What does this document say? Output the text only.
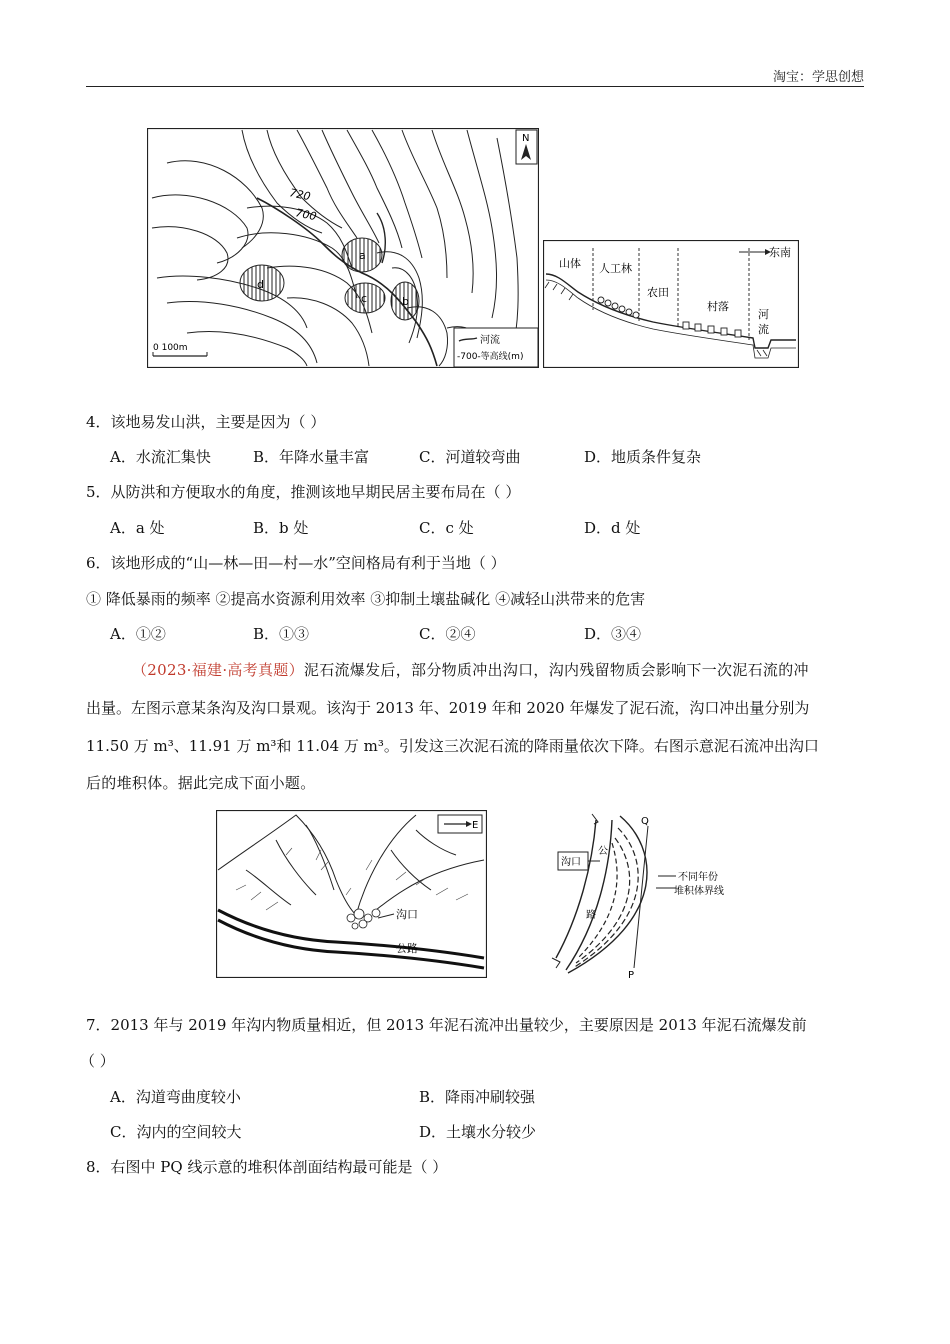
淘宝：学思创想
a
d
c	b
720
700
N
0 100m
河流
-700-等高线(m)
东南
山体 人工林
农田
村落
河
流
4．该地易发山洪，主要是因为（ ）
A．水流汇集快	B．年降水量丰富	C．河道较弯曲	D．地质条件复杂
5．从防洪和方便取水的角度，推测该地早期民居主要布局在（ ）
A．a 处	B．b 处	C．c 处	D．d 处
6．该地形成的“山—林—田—村—水”空间格局有利于当地（ ）
① 降低暴雨的频率 ②提高水资源利用效率 ③抑制土壤盐碱化 ④减轻山洪带来的危害
A．①②	B．①③	C．②④	D．③④
（2023·福建·高考真题）泥石流爆发后，部分物质冲出沟口，沟内残留物质会影响下一次泥石流的冲
出量。左图示意某条沟及沟口景观。该沟于 2013 年、2019 年和 2020 年爆发了泥石流，沟口冲出量分别为
11.50 万 m³、11.91 万 m³和 11.04 万 m³。引发这三次泥石流的降雨量依次下降。右图示意泥石流冲出沟口
后的堆积体。据此完成下面小题。
沟口
公路
E	Q
P
沟口
公
路
不同年份
堆积体界线
7．2013 年与 2019 年沟内物质量相近，但 2013 年泥石流冲出量较少，主要原因是 2013 年泥石流爆发前
（ ）
A．沟道弯曲度较小	B．降雨冲刷较强
C．沟内的空间较大	D．土壤水分较少
8．右图中 PQ 线示意的堆积体剖面结构最可能是（ ）
